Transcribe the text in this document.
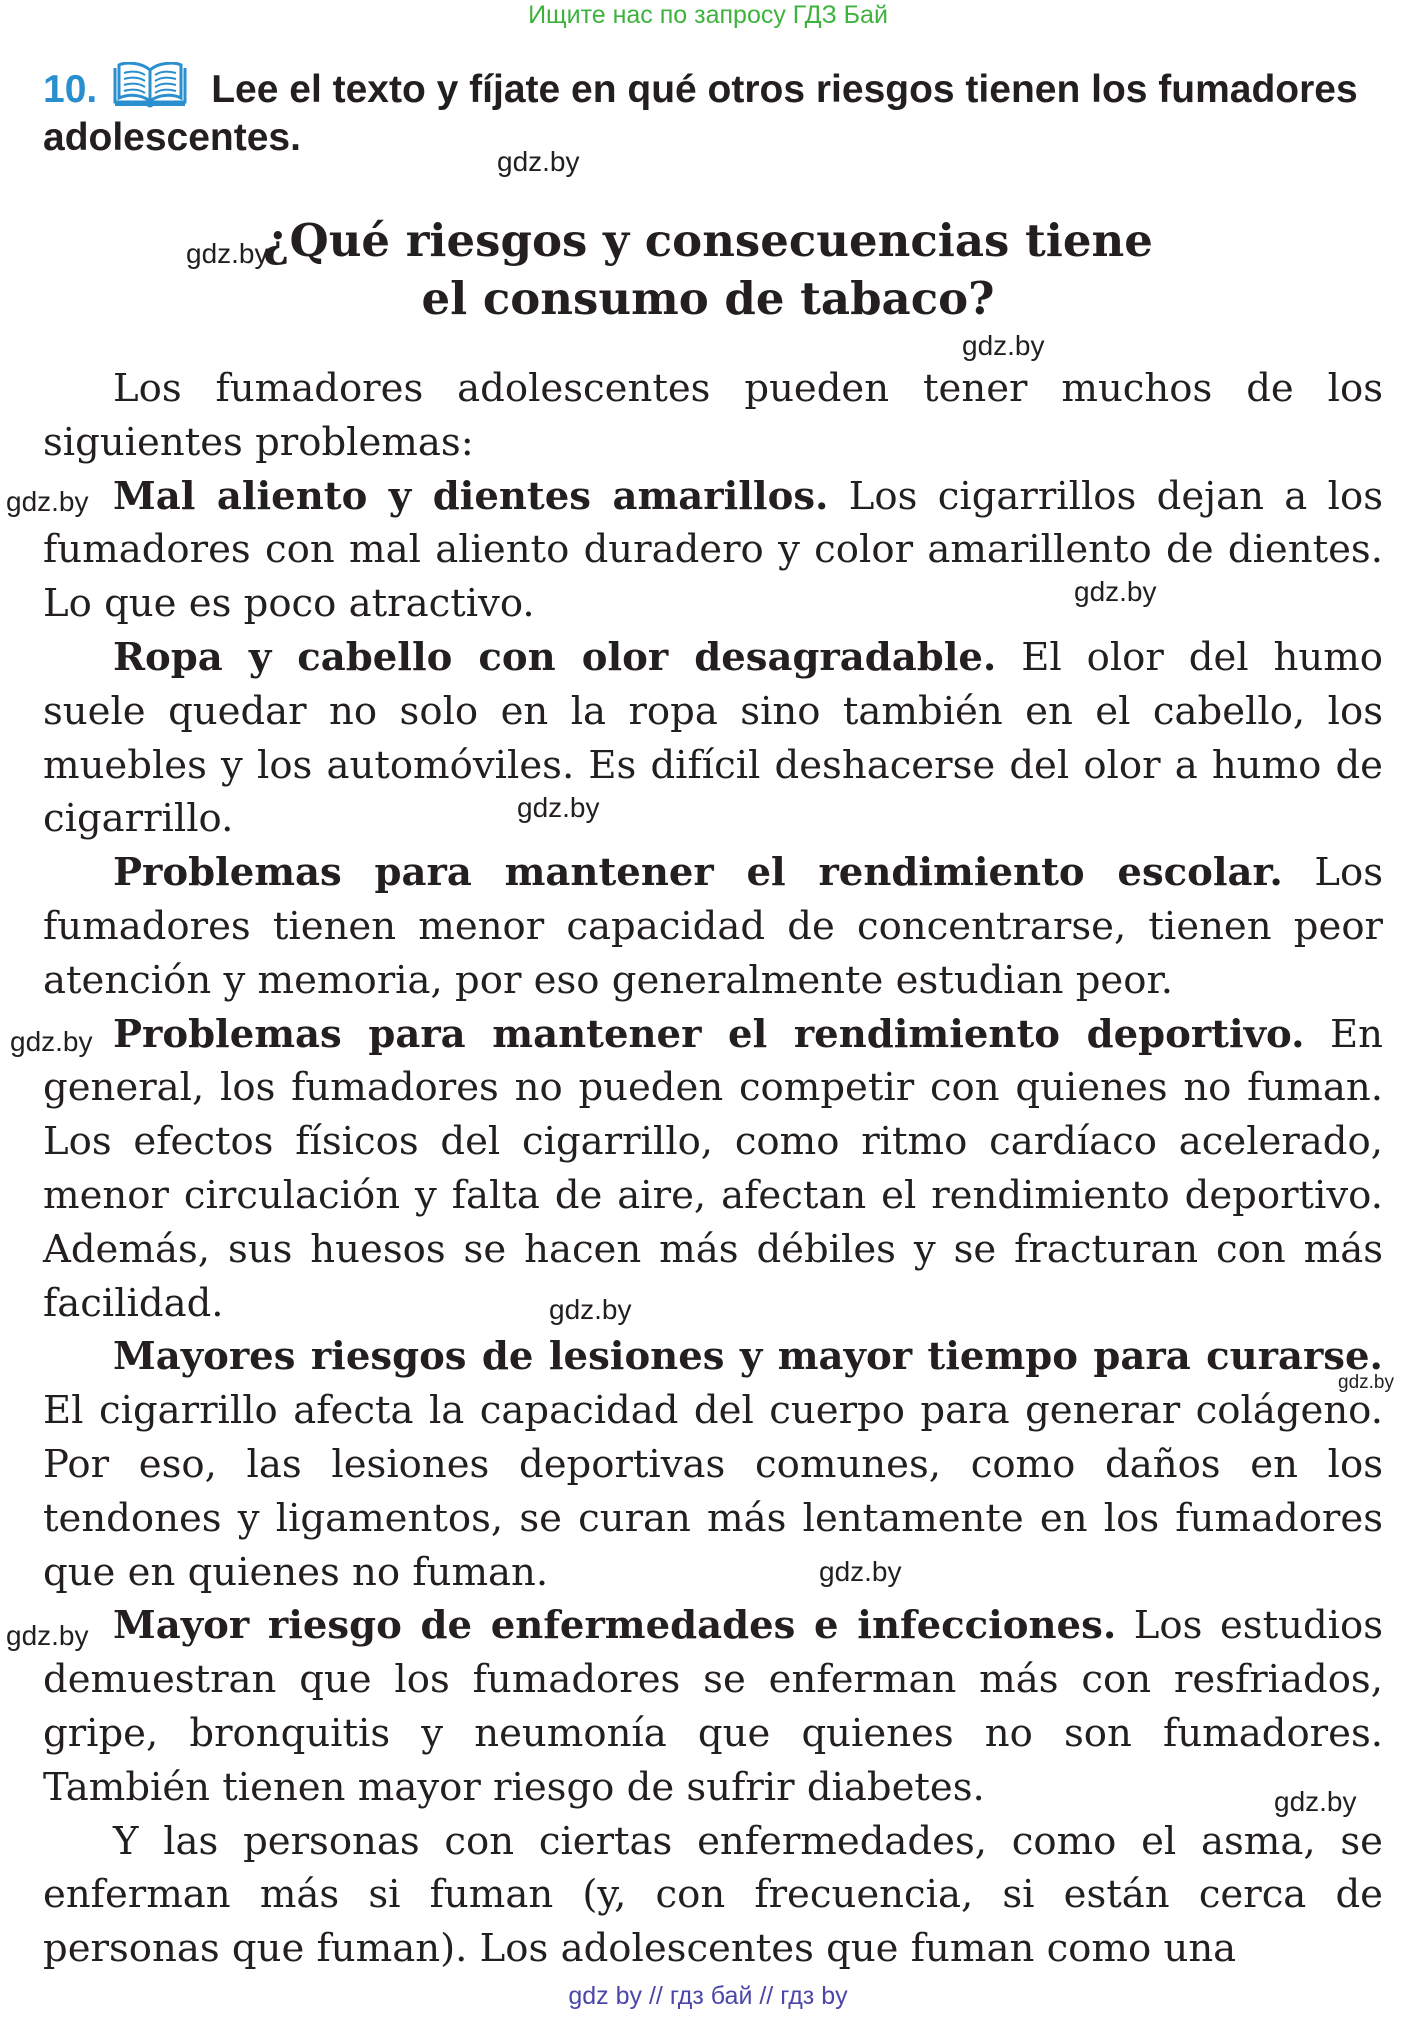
Ищите нас по запросу ГДЗ Бай
10.	Lee el texto y fíjate en qué otros riesgos tienen los fumadores adolescentes.
¿Qué riesgos y consecuencias tiene
el consumo de tabaco?

Los fumadores adolescentes pueden tener muchos de los siguientes problemas:

Mal aliento y dientes amarillos. Los cigarrillos dejan a los fumadores con mal aliento duradero y color amarillento de dientes. Lo que es poco atractivo.

Ropa y cabello con olor desagradable. El olor del humo suele quedar no solo en la ropa sino también en el cabello, los muebles y los automóviles. Es difícil deshacerse del olor a humo de cigarrillo.

Problemas para mantener el rendimiento escolar. Los fumadores tienen menor capacidad de concentrarse, tienen peor atención y memoria, por eso generalmente estudian peor.

Problemas para mantener el rendimiento deportivo. En general, los fumadores no pueden competir con quienes no fuman. Los efectos físicos del cigarrillo, como ritmo cardíaco acelerado, menor circulación y falta de aire, afectan el rendimiento deportivo. Además, sus huesos se hacen más débiles y se fracturan con más facilidad.

Mayores riesgos de lesiones y mayor tiempo para curarse. El cigarrillo afecta la capacidad del cuerpo para generar colágeno. Por eso, las lesiones deportivas comunes, como daños en los tendones y ligamentos, se curan más lentamente en los fumadores que en quienes no fuman.

Mayor riesgo de enfermedades e infecciones. Los estudios demuestran que los fumadores se enferman más con resfriados, gripe, bronquitis y neumonía que quienes no son fumadores. También tienen mayor riesgo de sufrir diabetes.

Y las personas con ciertas enfermedades, como el asma, se enferman más si fuman (y, con frecuencia, si están cerca de personas que fuman). Los adolescentes que fuman como una

gdz.by
gdz.by
gdz.by
gdz.by
gdz.by
gdz.by
gdz.by
gdz.by
gdz.by
gdz.by
gdz.by
gdz.by
gdz by // гдз бай // гдз by
